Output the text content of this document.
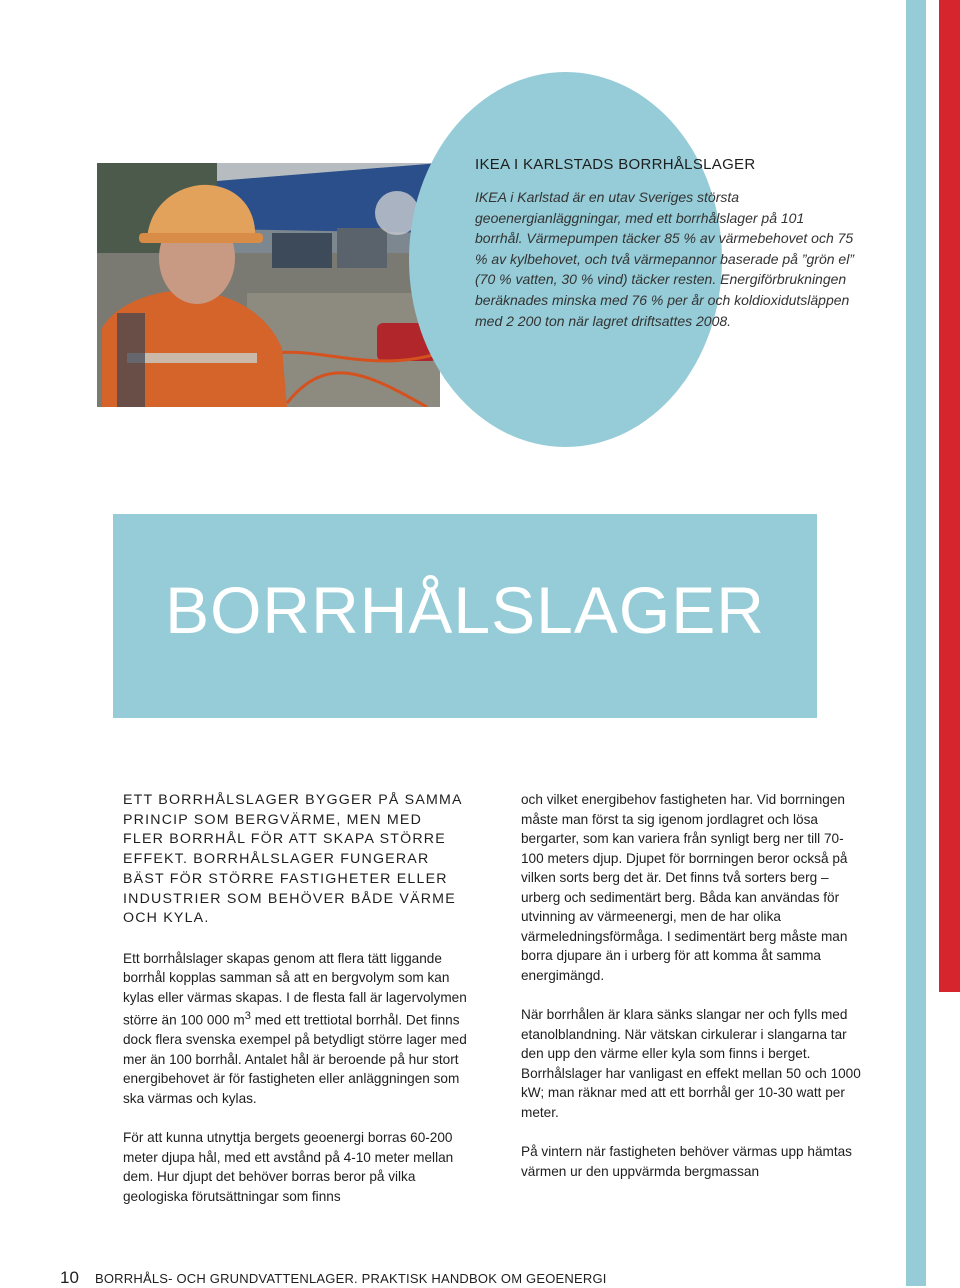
IKEA I KARLSTADS BORRHÅLSLAGER
IKEA i Karlstad är en utav Sveriges största geoenergianläggningar, med ett borrhålslager på 101 borrhål. Värmepumpen täcker 85 % av värmebehovet och 75 % av kylbehovet, och två värmepannor baserade på ”grön el” (70 % vatten, 30 % vind) täcker resten. Energiförbrukningen beräknades minska med 76 % per år och koldioxidutsläppen med 2 200 ton när lagret driftsattes 2008.
BORRHÅLSLAGER

ETT BORRHÅLSLAGER BYGGER PÅ SAMMA PRINCIP SOM BERGVÄRME, MEN MED FLER BORRHÅL FÖR ATT SKAPA STÖRRE EFFEKT. BORRHÅLSLAGER FUNGERAR BÄST FÖR STÖRRE FASTIGHETER ELLER INDUSTRIER SOM BEHÖVER BÅDE VÄRME OCH KYLA.

Ett borrhålslager skapas genom att flera tätt liggande borrhål kopplas samman så att en bergvolym som kan kylas eller värmas skapas. I de flesta fall är lagervolymen större än 100 000 $m^3$ med ett trettiotal borrhål. Det finns dock flera svenska exempel på betydligt större lager med mer än 100 borrhål. Antalet hål är beroende på hur stort energibehovet är för fastigheten eller anläggningen som ska värmas och kylas.

För att kunna utnyttja bergets geoenergi borras 60-200 meter djupa hål, med ett avstånd på 4-10 meter mellan dem. Hur djupt det behöver borras beror på vilka geologiska förutsättningar som finns

och vilket energibehov fastigheten har. Vid borrningen måste man först ta sig igenom jordlagret och lösa bergarter, som kan variera från synligt berg ner till 70-100 meters djup. Djupet för borrningen beror också på vilken sorts berg det är. Det finns två sorters berg – urberg och sedimentärt berg. Båda kan användas för utvinning av värmeenergi, men de har olika värmeledningsförmåga. I sedimentärt berg måste man borra djupare än i urberg för att komma åt samma energimängd.

När borrhålen är klara sänks slangar ner och fylls med etanolblandning. När vätskan cirkulerar i slangarna tar den upp den värme eller kyla som finns i berget. Borrhålslager har vanligast en effekt mellan 50 och 1000 kW; man räknar med att ett borrhål ger 10-30 watt per meter.

På vintern när fastigheten behöver värmas upp hämtas värmen ur den uppvärmda bergmassan

10 BORRHÅLS- OCH GRUNDVATTENLAGER. PRAKTISK HANDBOK OM GEOENERGI
